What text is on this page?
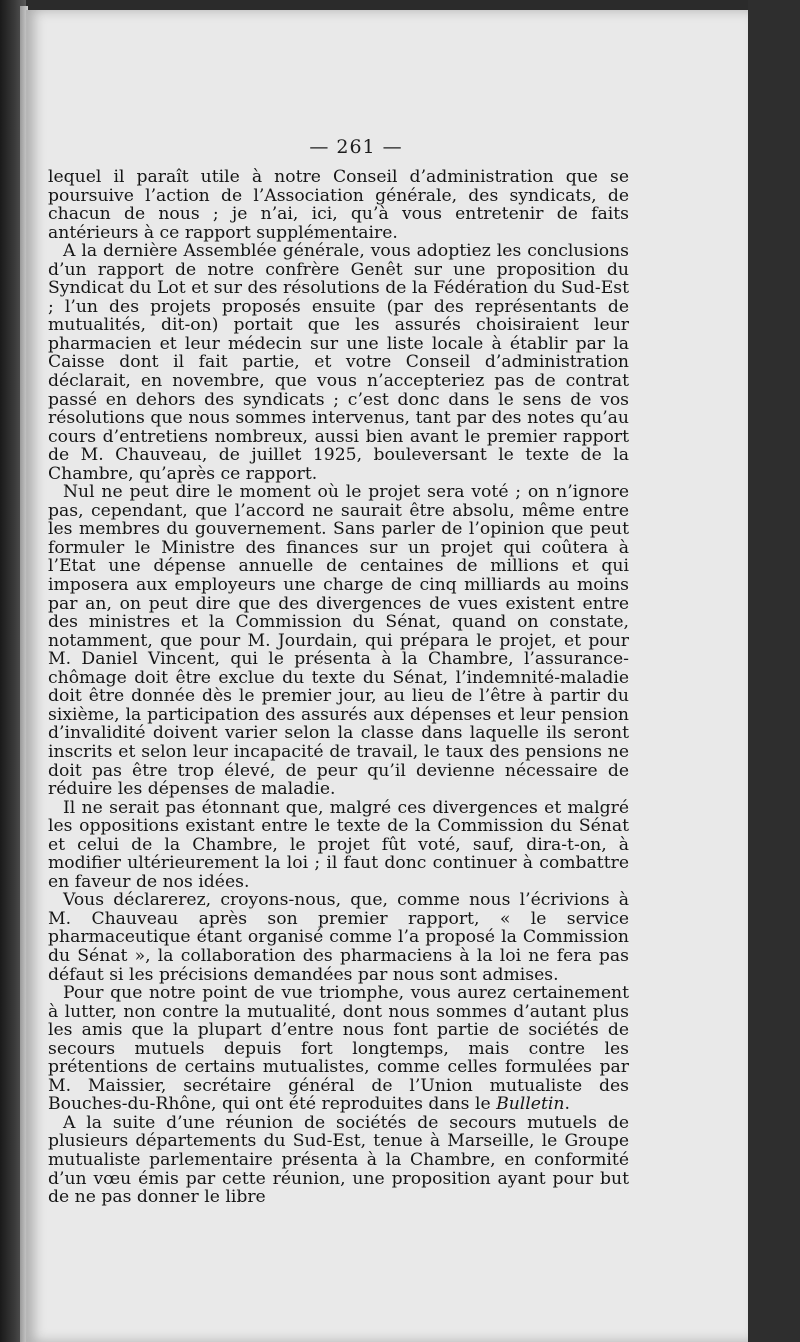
— 261 —

lequel il paraît utile à notre Conseil d’administration que se poursuive l’action de l’Association générale, des syndicats, de chacun de nous ; je n’ai, ici, qu’à vous entretenir de faits antérieurs à ce rapport supplémentaire.

A la dernière Assemblée générale, vous adoptiez les conclusions d’un rapport de notre confrère Genêt sur une proposition du Syndicat du Lot et sur des résolutions de la Fédération du Sud-Est ; l’un des projets proposés ensuite (par des représentants de mutualités, dit-on) portait que les assurés choisiraient leur pharmacien et leur médecin sur une liste locale à établir par la Caisse dont il fait partie, et votre Conseil d’administration déclarait, en novembre, que vous n’accepteriez pas de contrat passé en dehors des syndicats ; c’est donc dans le sens de vos résolutions que nous sommes intervenus, tant par des notes qu’au cours d’entretiens nombreux, aussi bien avant le premier rapport de M. Chauveau, de juillet 1925, bouleversant le texte de la Chambre, qu’après ce rapport.

Nul ne peut dire le moment où le projet sera voté ; on n’ignore pas, cependant, que l’accord ne saurait être absolu, même entre les membres du gouvernement. Sans parler de l’opinion que peut formuler le Ministre des finances sur un projet qui coûtera à l’Etat une dépense annuelle de centaines de millions et qui imposera aux employeurs une charge de cinq milliards au moins par an, on peut dire que des divergences de vues existent entre des ministres et la Commission du Sénat, quand on constate, notamment, que pour M. Jourdain, qui prépara le projet, et pour M. Daniel Vincent, qui le présenta à la Chambre, l’assurance-chômage doit être exclue du texte du Sénat, l’indemnité-maladie doit être donnée dès le premier jour, au lieu de l’être à partir du sixième, la participation des assurés aux dépenses et leur pension d’invalidité doivent varier selon la classe dans laquelle ils seront inscrits et selon leur incapacité de travail, le taux des pensions ne doit pas être trop élevé, de peur qu’il devienne nécessaire de réduire les dépenses de maladie.

Il ne serait pas étonnant que, malgré ces divergences et malgré les oppositions existant entre le texte de la Commission du Sénat et celui de la Chambre, le projet fût voté, sauf, dira-t-on, à modifier ultérieurement la loi ; il faut donc continuer à combattre en faveur de nos idées.

Vous déclarerez, croyons-nous, que, comme nous l’écrivions à M. Chauveau après son premier rapport, « le service pharmaceutique étant organisé comme l’a proposé la Commission du Sénat », la collaboration des pharmaciens à la loi ne fera pas défaut si les précisions demandées par nous sont admises.

Pour que notre point de vue triomphe, vous aurez certainement à lutter, non contre la mutualité, dont nous sommes d’autant plus les amis que la plupart d’entre nous font partie de sociétés de secours mutuels depuis fort longtemps, mais contre les prétentions de certains mutualistes, comme celles formulées par M. Maissier, secrétaire général de l’Union mutualiste des Bouches-du-Rhône, qui ont été reproduites dans le Bulletin.

A la suite d’une réunion de sociétés de secours mutuels de plusieurs départements du Sud-Est, tenue à Marseille, le Groupe mutualiste parlementaire présenta à la Chambre, en conformité d’un vœu émis par cette réunion, une proposition ayant pour but de ne pas donner le libre
